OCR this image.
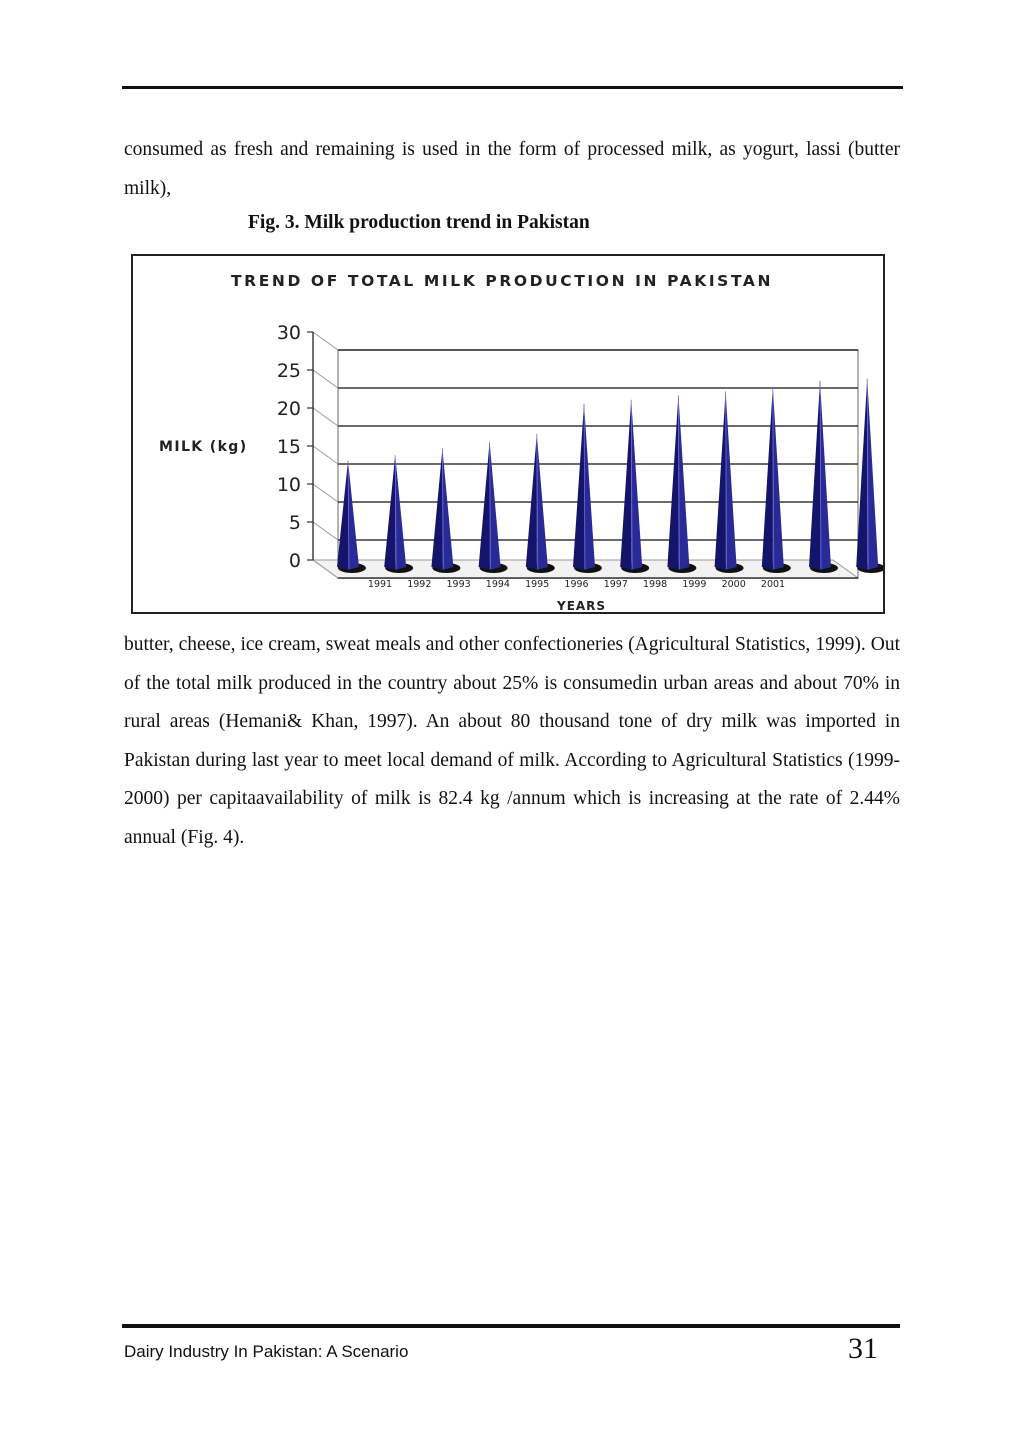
consumed as fresh and remaining is used in the form of processed milk, as yogurt, lassi (butter milk),

Fig. 3. Milk production trend in Pakistan
TREND OF TOTAL MILK PRODUCTION IN PAKISTAN
MILK (kg)
YEARS
0
5
10
15
20
25
30
1991 1992 1993 1994 1995 1996 1997 1998 1999 2000 2001

butter, cheese, ice cream, sweat meals and other confectioneries (Agricultural Statistics, 1999). Out of the total milk produced in the country about 25% is consumedin urban areas and about 70% in rural areas (Hemani& Khan, 1997). An about 80 thousand tone of dry milk was imported in Pakistan during last year to meet local demand of milk. According to Agricultural Statistics (1999-2000) per capitaavailability of milk is 82.4 kg /annum which is increasing at the rate of 2.44% annual (Fig. 4).

Dairy Industry In Pakistan: A Scenario	31
